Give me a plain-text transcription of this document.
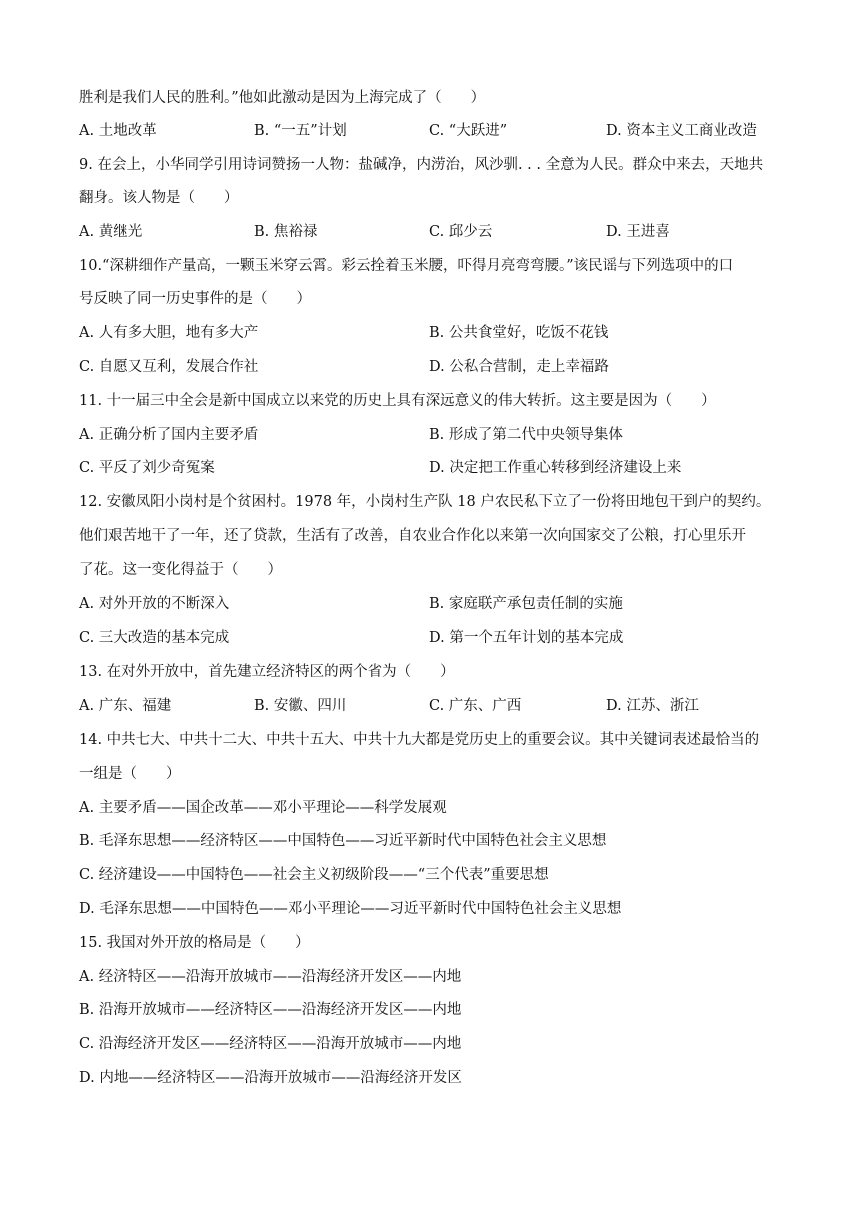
胜利是我们人民的胜利。”他如此激动是因为上海完成了（　　）
A. 土地改革	B. “一五”计划	C. “大跃进”	D. 资本主义工商业改造
9. 在会上，小华同学引用诗词赞扬一人物：盐碱净，内涝治，风沙驯. . . 全意为人民。群众中来去，天地共
翻身。该人物是（　　）
A. 黄继光	B. 焦裕禄	C. 邱少云	D. 王进喜
10.“深耕细作产量高，一颗玉米穿云霄。彩云拴着玉米腰，吓得月亮弯弯腰。”该民谣与下列选项中的口
号反映了同一历史事件的是（　　）
A. 人有多大胆，地有多大产	B. 公共食堂好，吃饭不花钱
C. 自愿又互利，发展合作社	D. 公私合营制，走上幸福路
11. 十一届三中全会是新中国成立以来党的历史上具有深远意义的伟大转折。这主要是因为（　　）
A. 正确分析了国内主要矛盾	B. 形成了第二代中央领导集体
C. 平反了刘少奇冤案	D. 决定把工作重心转移到经济建设上来
12. 安徽凤阳小岗村是个贫困村。1978 年，小岗村生产队 18 户农民私下立了一份将田地包干到户的契约。
他们艰苦地干了一年，还了贷款，生活有了改善，自农业合作化以来第一次向国家交了公粮，打心里乐开
了花。这一变化得益于（　　）
A. 对外开放的不断深入	B. 家庭联产承包责任制的实施
C. 三大改造的基本完成	D. 第一个五年计划的基本完成
13. 在对外开放中，首先建立经济特区的两个省为（　　）
A. 广东、福建	B. 安徽、四川	C. 广东、广西	D. 江苏、浙江
14. 中共七大、中共十二大、中共十五大、中共十九大都是党历史上的重要会议。其中关键词表述最恰当的
一组是（　　）
A. 主要矛盾——国企改革——邓小平理论——科学发展观
B. 毛泽东思想——经济特区——中国特色——习近平新时代中国特色社会主义思想
C. 经济建设——中国特色——社会主义初级阶段——“三个代表”重要思想
D. 毛泽东思想——中国特色——邓小平理论——习近平新时代中国特色社会主义思想
15. 我国对外开放的格局是（　　）
A. 经济特区——沿海开放城市——沿海经济开发区——内地
B. 沿海开放城市——经济特区——沿海经济开发区——内地
C. 沿海经济开发区——经济特区——沿海开放城市——内地
D. 内地——经济特区——沿海开放城市——沿海经济开发区
